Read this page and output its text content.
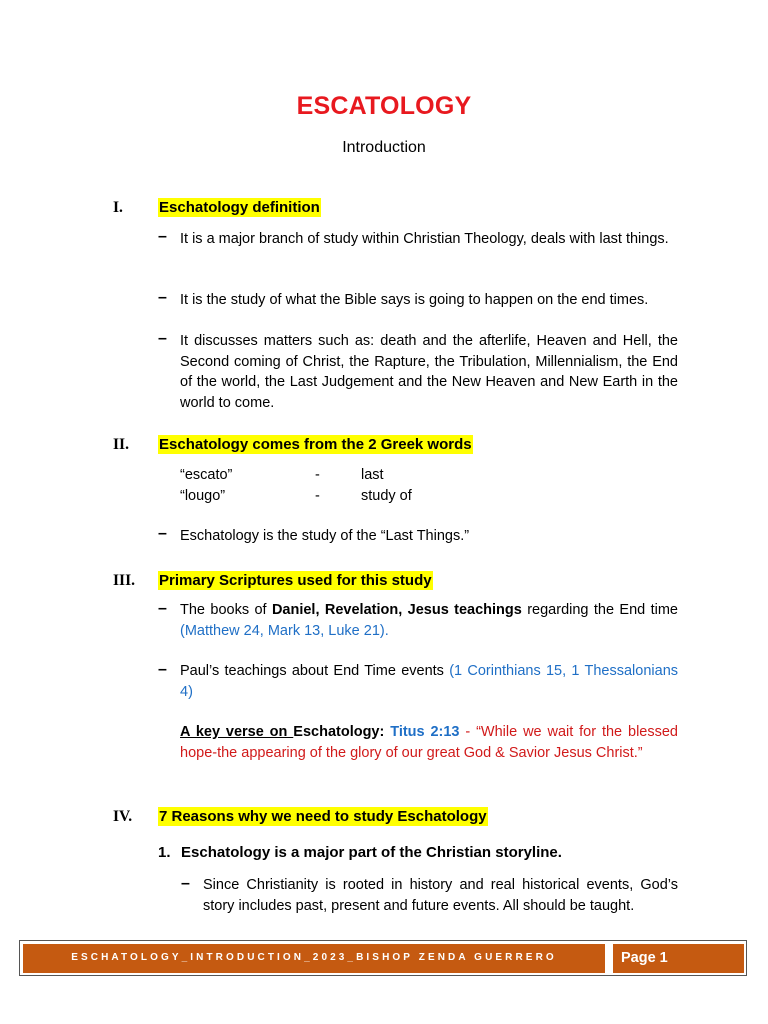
ESCATOLOGY
Introduction
I. Eschatology definition
– It is a major branch of study within Christian Theology, deals with last things.
– It is the study of what the Bible says is going to happen on the end times.
– It discusses matters such as: death and the afterlife, Heaven and Hell, the Second coming of Christ, the Rapture, the Tribulation, Millennialism, the End of the world, the Last Judgement and the New Heaven and New Earth in the world to come.
II. Eschatology comes from the 2 Greek words
“escato”	-	last
“lougo”	-	study of
– Eschatology is the study of the “Last Things.”
III. Primary Scriptures used for this study
– The books of Daniel, Revelation, Jesus teachings regarding the End time (Matthew 24, Mark 13, Luke 21).
– Paul’s teachings about End Time events (1 Corinthians 15, 1 Thessalonians 4)
A key verse on Eschatology: Titus 2:13 - “While we wait for the blessed hope-the appearing of the glory of our great God & Savior Jesus Christ.”
IV. 7 Reasons why we need to study Eschatology
1. Eschatology is a major part of the Christian storyline.
– Since Christianity is rooted in history and real historical events, God’s story includes past, present and future events. All should be taught.
ESCHATOLOGY_INTRODUCTION_2023_BISHOP ZENDA GUERRERO	Page 1
